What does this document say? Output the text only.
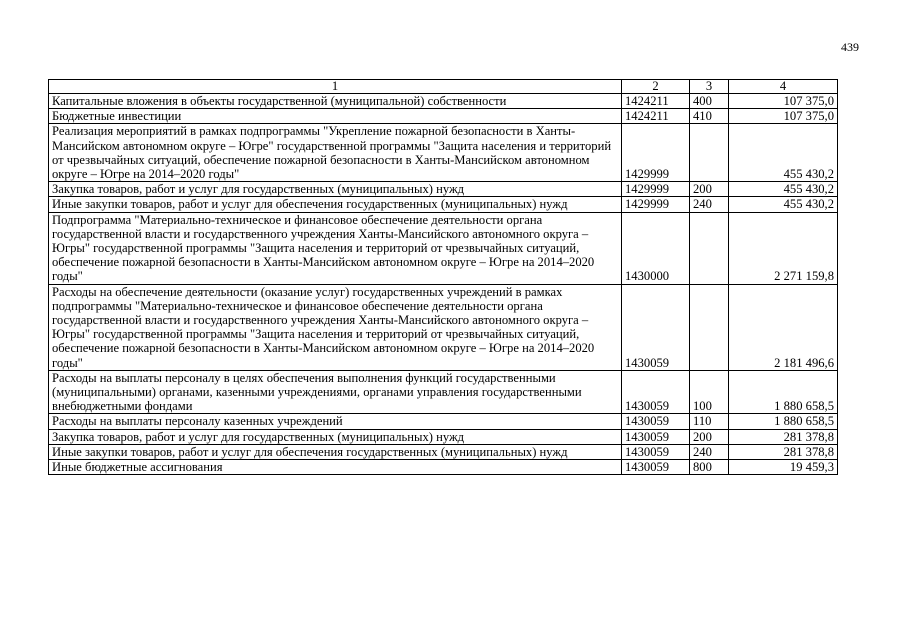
439
1	2	3	4
Капитальные вложения в объекты государственной (муниципальной) собственности	1424211	400	107 375,0
Бюджетные инвестиции	1424211	410	107 375,0
Реализация мероприятий в рамках подпрограммы "Укрепление пожарной безопасности в Ханты-Мансийском автономном округе – Югре" государственной программы "Защита населения и территорий от чрезвычайных ситуаций, обеспечение пожарной безопасности в Ханты-Мансийском автономном округе – Югре на 2014–2020 годы"	1429999		455 430,2
Закупка товаров, работ и услуг для государственных (муниципальных) нужд	1429999	200	455 430,2
Иные закупки товаров, работ и услуг для обеспечения государственных (муниципальных) нужд	1429999	240	455 430,2
Подпрограмма "Материально-техническое и финансовое обеспечение деятельности органа государственной власти и государственного учреждения Ханты-Мансийского автономного округа – Югры" государственной программы "Защита населения и территорий от чрезвычайных ситуаций, обеспечение пожарной безопасности в Ханты-Мансийском автономном округе – Югре на 2014–2020 годы"	1430000		2 271 159,8
Расходы на обеспечение деятельности (оказание услуг) государственных учреждений в рамках подпрограммы "Материально-техническое и финансовое обеспечение деятельности органа государственной власти и государственного учреждения Ханты-Мансийского автономного округа – Югры" государственной программы "Защита населения и территорий от чрезвычайных ситуаций, обеспечение пожарной безопасности в Ханты-Мансийском автономном округе – Югре на 2014–2020 годы"	1430059		2 181 496,6
Расходы на выплаты персоналу в целях обеспечения выполнения функций государственными (муниципальными) органами, казенными учреждениями, органами управления государственными внебюджетными фондами	1430059	100	1 880 658,5
Расходы на выплаты персоналу казенных учреждений	1430059	110	1 880 658,5
Закупка товаров, работ и услуг для государственных (муниципальных) нужд	1430059	200	281 378,8
Иные закупки товаров, работ и услуг для обеспечения государственных (муниципальных) нужд	1430059	240	281 378,8
Иные бюджетные ассигнования	1430059	800	19 459,3
